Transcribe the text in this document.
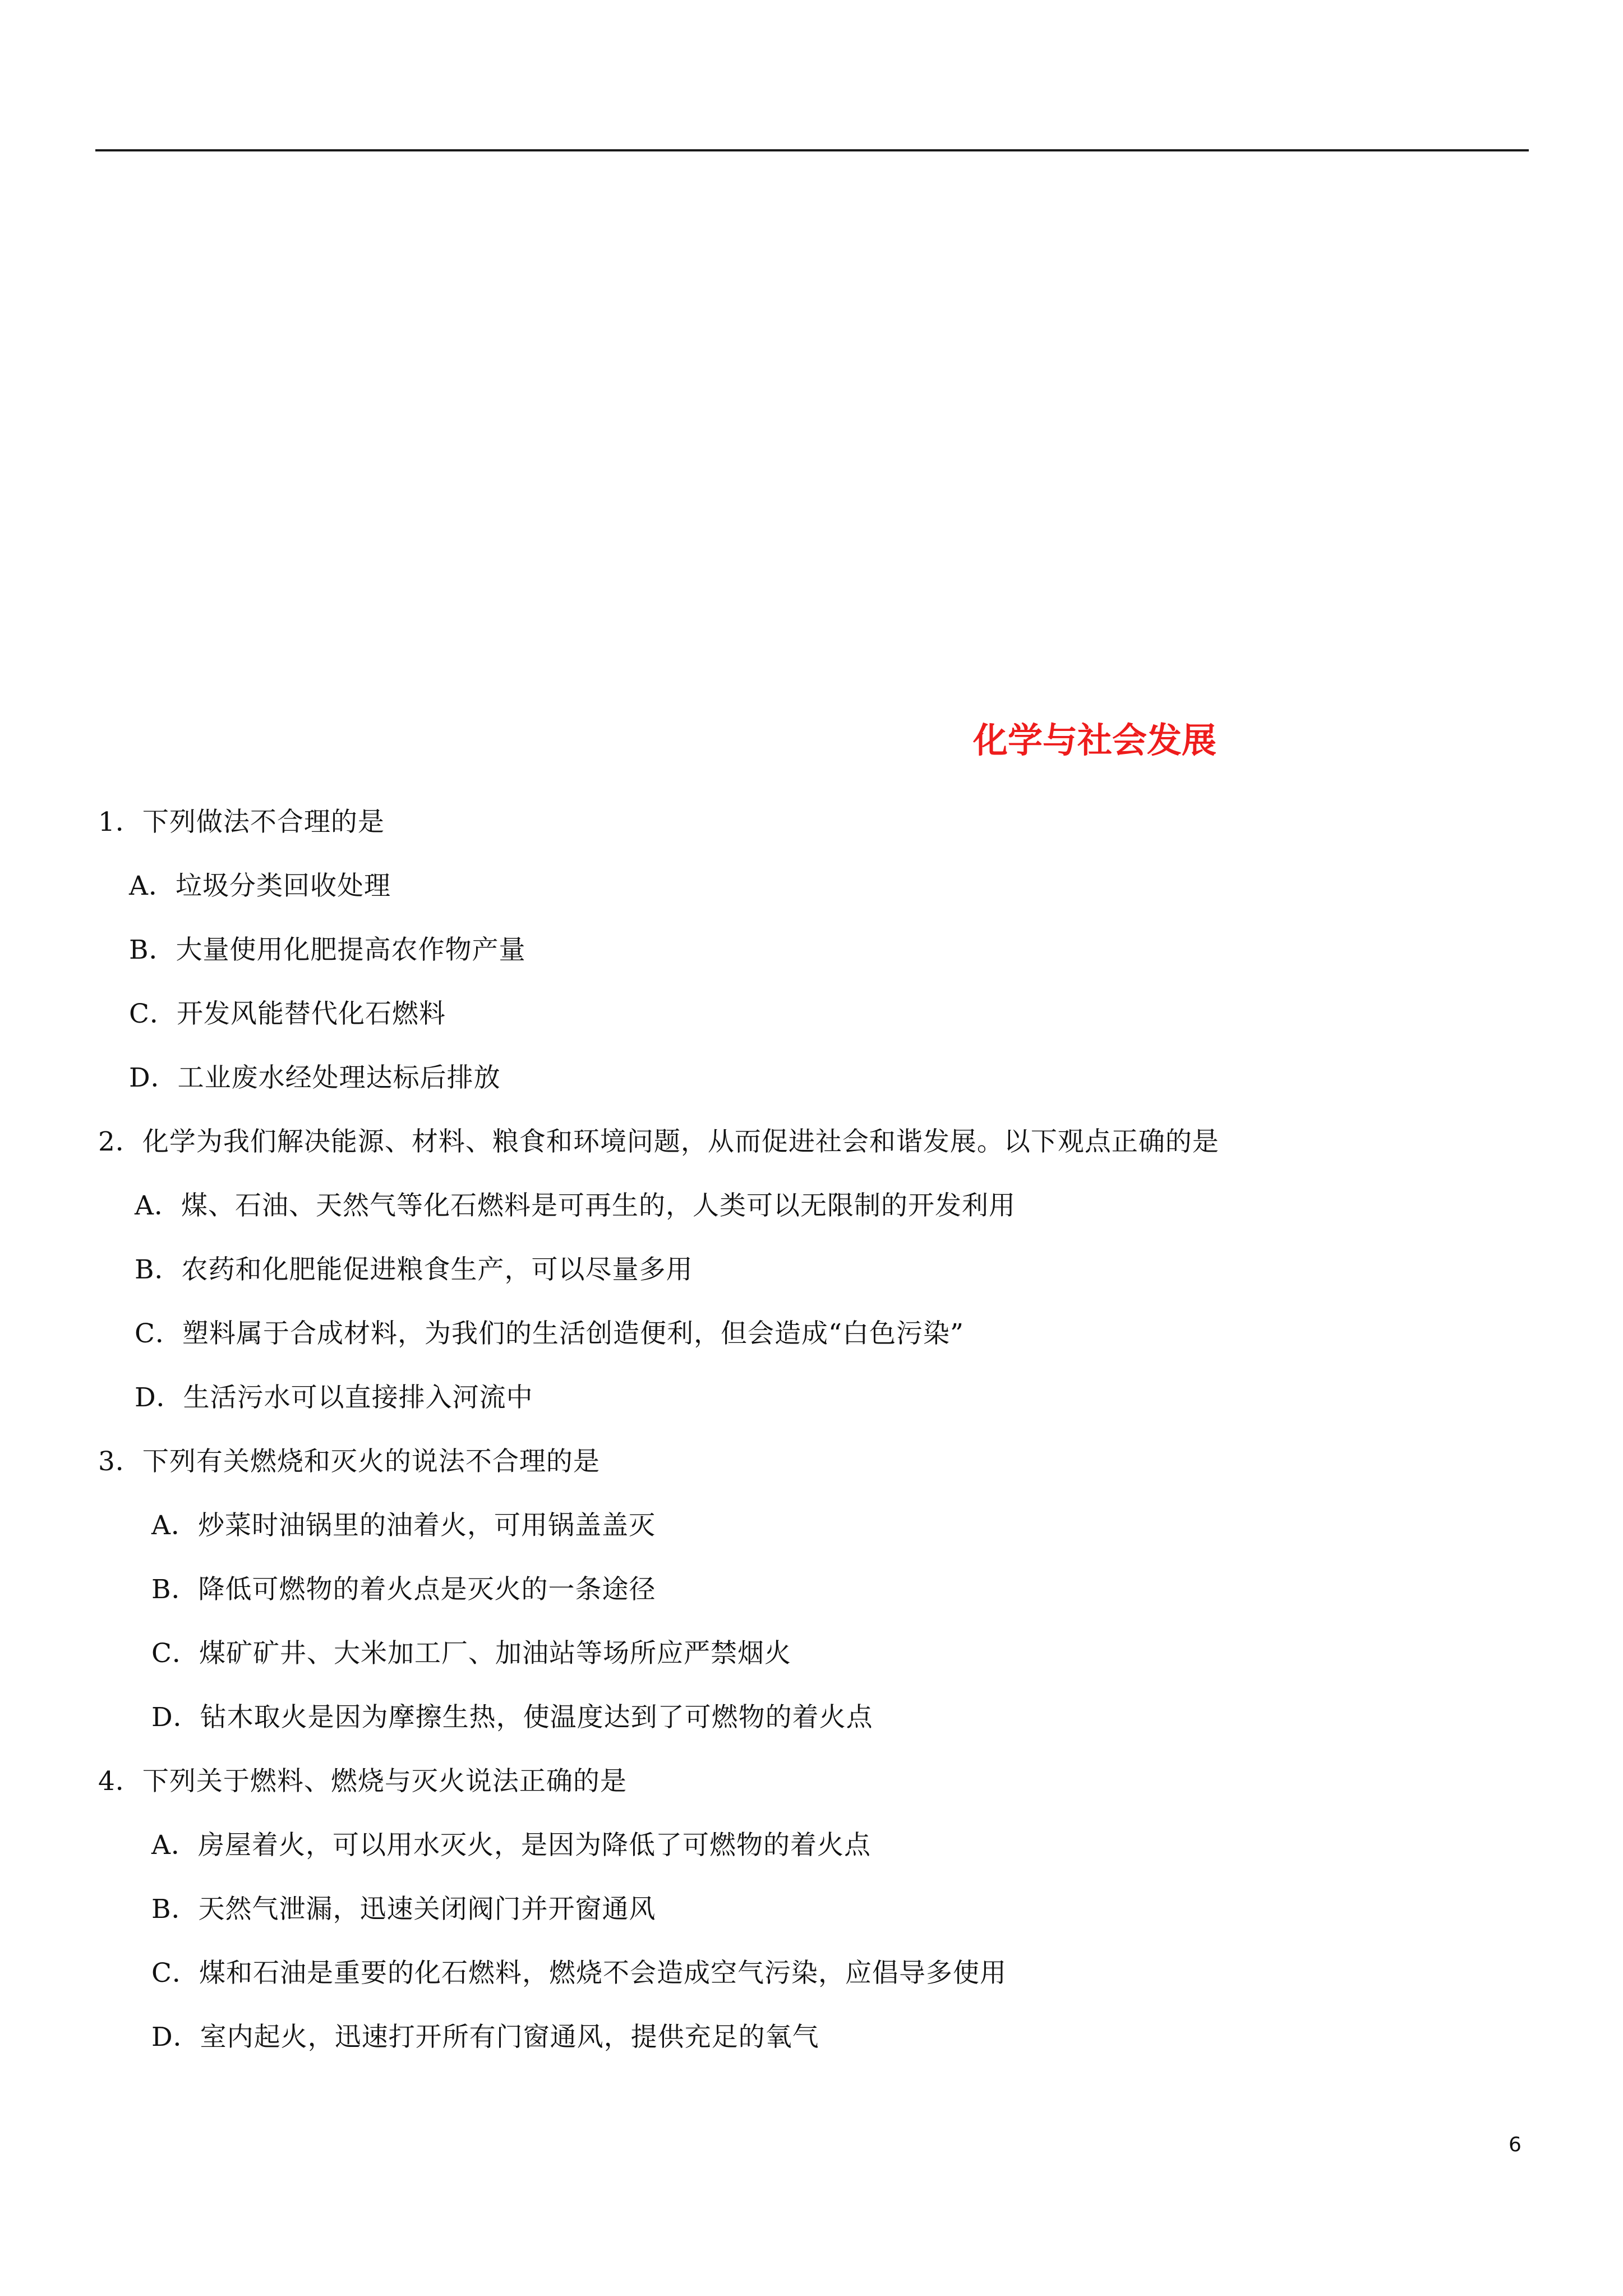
化学与社会发展
1．下列做法不合理的是
A．垃圾分类回收处理
B．大量使用化肥提高农作物产量
C．开发风能替代化石燃料
D．工业废水经处理达标后排放
2．化学为我们解决能源、材料、粮食和环境问题，从而促进社会和谐发展。以下观点正确的是
A．煤、石油、天然气等化石燃料是可再生的，人类可以无限制的开发利用
B．农药和化肥能促进粮食生产，可以尽量多用
C．塑料属于合成材料，为我们的生活创造便利，但会造成“白色污染”
D．生活污水可以直接排入河流中
3．下列有关燃烧和灭火的说法不合理的是
A．炒菜时油锅里的油着火，可用锅盖盖灭
B．降低可燃物的着火点是灭火的一条途径
C．煤矿矿井、大米加工厂、加油站等场所应严禁烟火
D．钻木取火是因为摩擦生热，使温度达到了可燃物的着火点
4．下列关于燃料、燃烧与灭火说法正确的是
A．房屋着火，可以用水灭火，是因为降低了可燃物的着火点
B．天然气泄漏，迅速关闭阀门并开窗通风
C．煤和石油是重要的化石燃料，燃烧不会造成空气污染，应倡导多使用
D．室内起火，迅速打开所有门窗通风，提供充足的氧气
6
